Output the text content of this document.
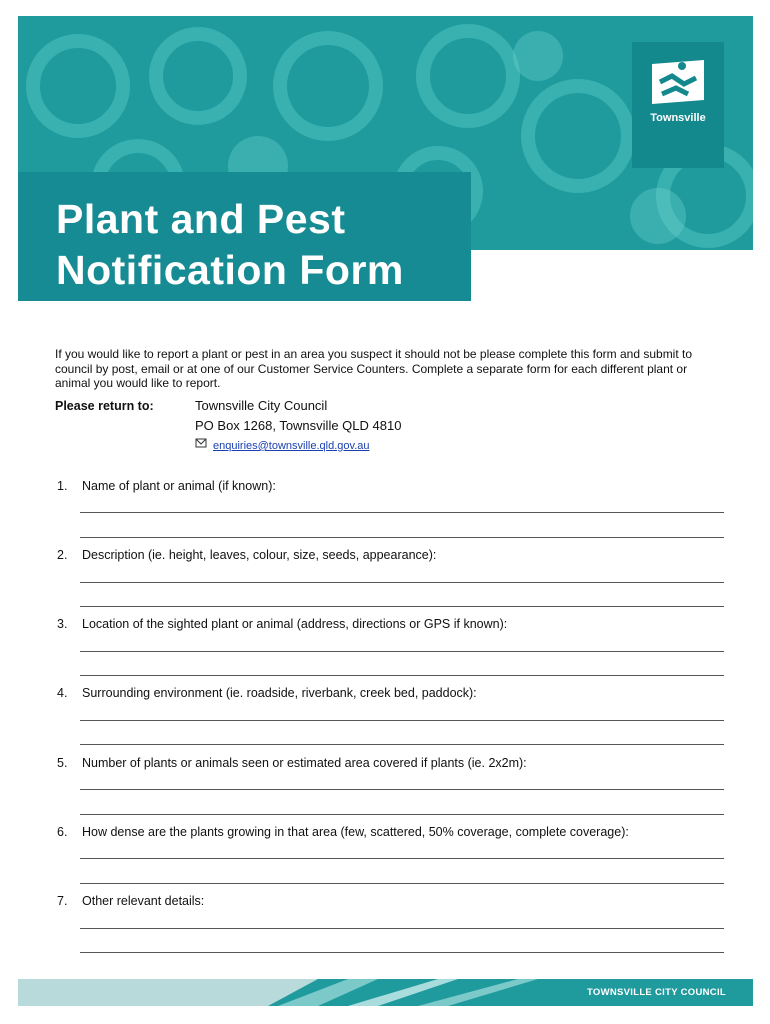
Plant and Pest
Notification Form
Townsville

If you would like to report a plant or pest in an area you suspect it should not be please complete this form and submit to council by post, email or at one of our Customer Service Counters. Complete a separate form for each different plant or animal you would like to report.

Please return to:	Townsville City Council
PO Box 1268, Townsville QLD 4810
enquiries@townsville.qld.gov.au
1. Name of plant or animal (if known):
2. Description (ie. height, leaves, colour, size, seeds, appearance):
3. Location of the sighted plant or animal (address, directions or GPS if known):
4. Surrounding environment (ie. roadside, riverbank, creek bed, paddock):
5. Number of plants or animals seen or estimated area covered if plants (ie. 2x2m):
6. How dense are the plants growing in that area (few, scattered, 50% coverage, complete coverage):
7. Other relevant details:
TOWNSVILLE CITY COUNCIL
